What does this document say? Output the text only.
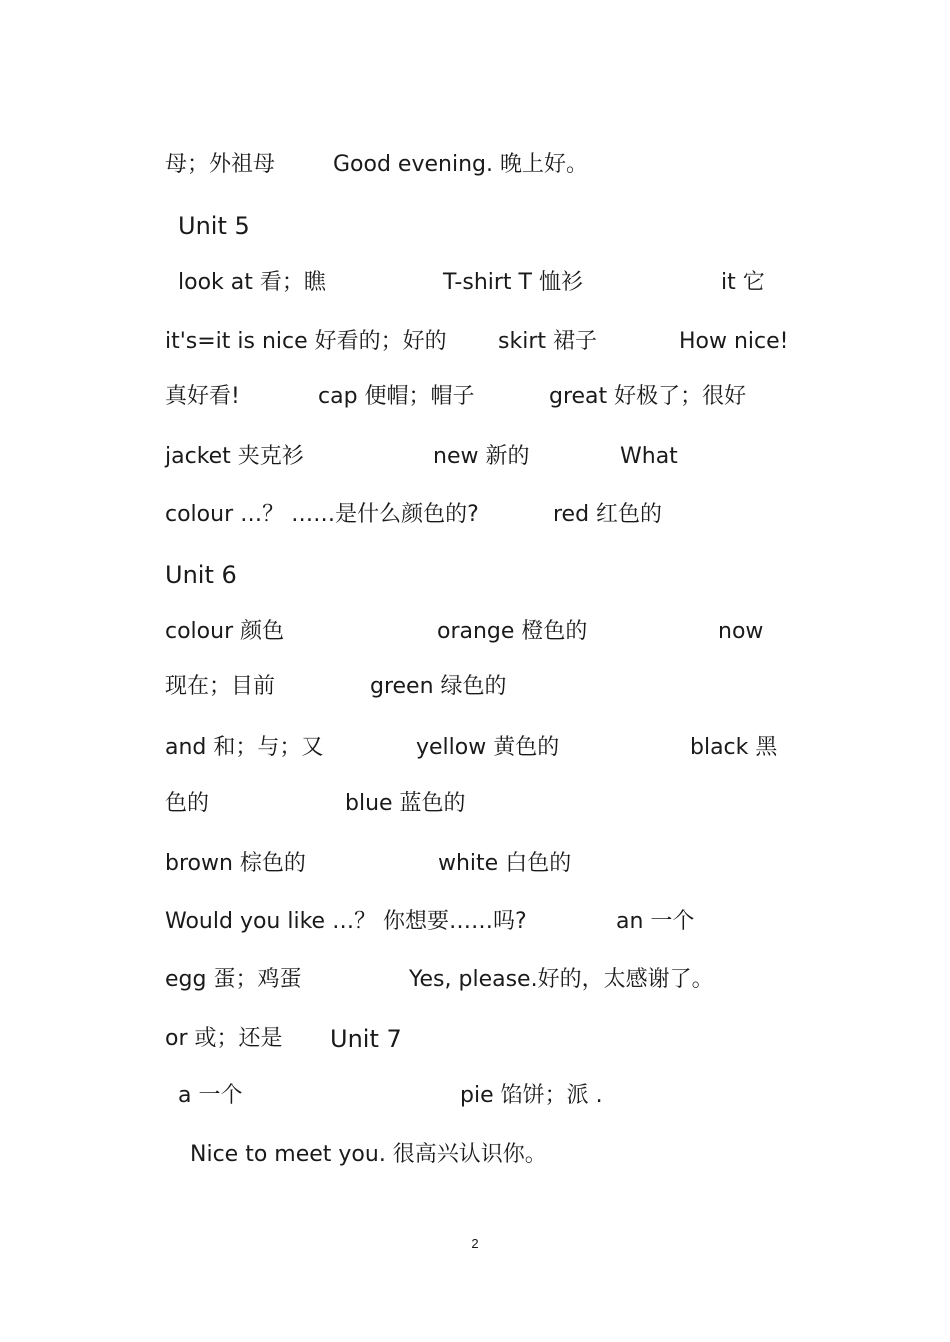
母；外祖母	Good evening. 晚上好。
Unit 5
look at 看；瞧	T-shirt T 恤衫	it 它
it's=it is nice 好看的；好的 skirt 裙子	How nice!
真好看!	cap 便帽；帽子	great 好极了；很好
jacket 夹克衫	new 新的	What
colour …？ ……是什么颜色的?	red 红色的
Unit 6
colour 颜色	orange 橙色的	now
现在；目前	green 绿色的
and 和；与；又	yellow 黄色的	black 黑
色的	blue 蓝色的
brown 棕色的	white 白色的
Would you like …？ 你想要……吗?	an 一个
egg 蛋；鸡蛋	Yes, please.好的，太感谢了。
or 或；还是 Unit 7
a 一个	pie 馅饼；派 .
Nice to meet you. 很高兴认识你。
2
